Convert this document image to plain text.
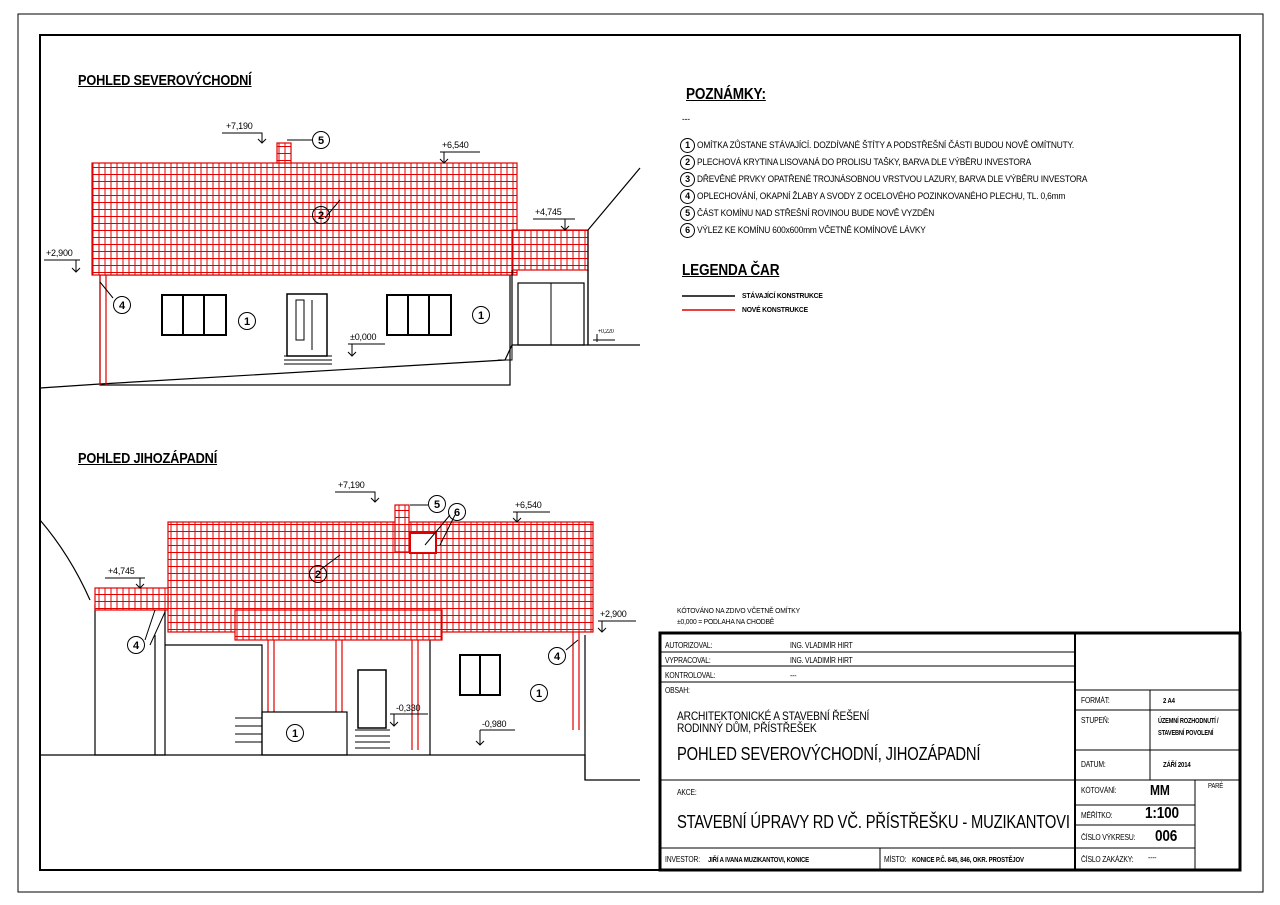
POHLED SEVEROVÝCHODNÍ
POHLED JIHOZÁPADNÍ
+7,190
+6,540
+4,745
+2,900
±0,000	+0,220
5
2
4
1	1
+7,190
+6,540
+4,745
+2,900
-0,330
-0,980
5
6
2
4
4
1
1
POZNÁMKY:
---
1 OMÍTKA ZŮSTANE STÁVAJÍCÍ. DOZDÍVANÉ ŠTÍTY A PODSTŘEŠNÍ ČÁSTI BUDOU NOVĚ OMÍTNUTY.
2 PLECHOVÁ KRYTINA LISOVANÁ DO PROLISU TAŠKY, BARVA DLE VÝBĚRU INVESTORA
3 DŘEVĚNÉ PRVKY OPATŘENÉ TROJNÁSOBNOU VRSTVOU LAZURY, BARVA DLE VÝBĚRU INVESTORA
4 OPLECHOVÁNÍ, OKAPNÍ ŽLABY A SVODY Z OCELOVÉHO POZINKOVANÉHO PLECHU, TL. 0,6mm
5 ČÁST KOMÍNU NAD STŘEŠNÍ ROVINOU BUDE NOVĚ VYZDĚN
6 VÝLEZ KE KOMÍNU 600x600mm VČETNĚ KOMÍNOVÉ LÁVKY
LEGENDA ČAR
STÁVAJÍCÍ KONSTRUKCE
NOVÉ KONSTRUKCE
KÓTOVÁNO NA ZDIVO VČETNĚ OMÍTKY
±0,000 = PODLAHA NA CHODBĚ
AUTORIZOVAL:	ING. VLADIMÍR HIRT
VYPRACOVAL:	ING. VLADIMÍR HIRT
KONTROLOVAL:	---
OBSAH:
ARCHITEKTONICKÉ A STAVEBNÍ ŘEŠENÍ
RODINNÝ DŮM, PŘÍSTŘEŠEK
POHLED SEVEROVÝCHODNÍ, JIHOZÁPADNÍ
FORMÁT:	2 A4
STUPEŇ:	ÚZEMNÍ ROZHODNUTÍ / STAVEBNÍ POVOLENÍ
DATUM:	ZÁŘÍ 2014
AKCE:
STAVEBNÍ ÚPRAVY RD VČ. PŘÍSTŘEŠKU - MUZIKANTOVI
KÓTOVÁNÍ: MM	PARÉ
MĚŘÍTKO: 1:100
ČÍSLO VÝKRESU: 006
ČÍSLO ZAKÁZKY: ----
INVESTOR: JIŘÍ A IVANA MUZIKANTOVI, KONICE	MÍSTO: KONICE P.Č. 845, 846, OKR. PROSTĚJOV
